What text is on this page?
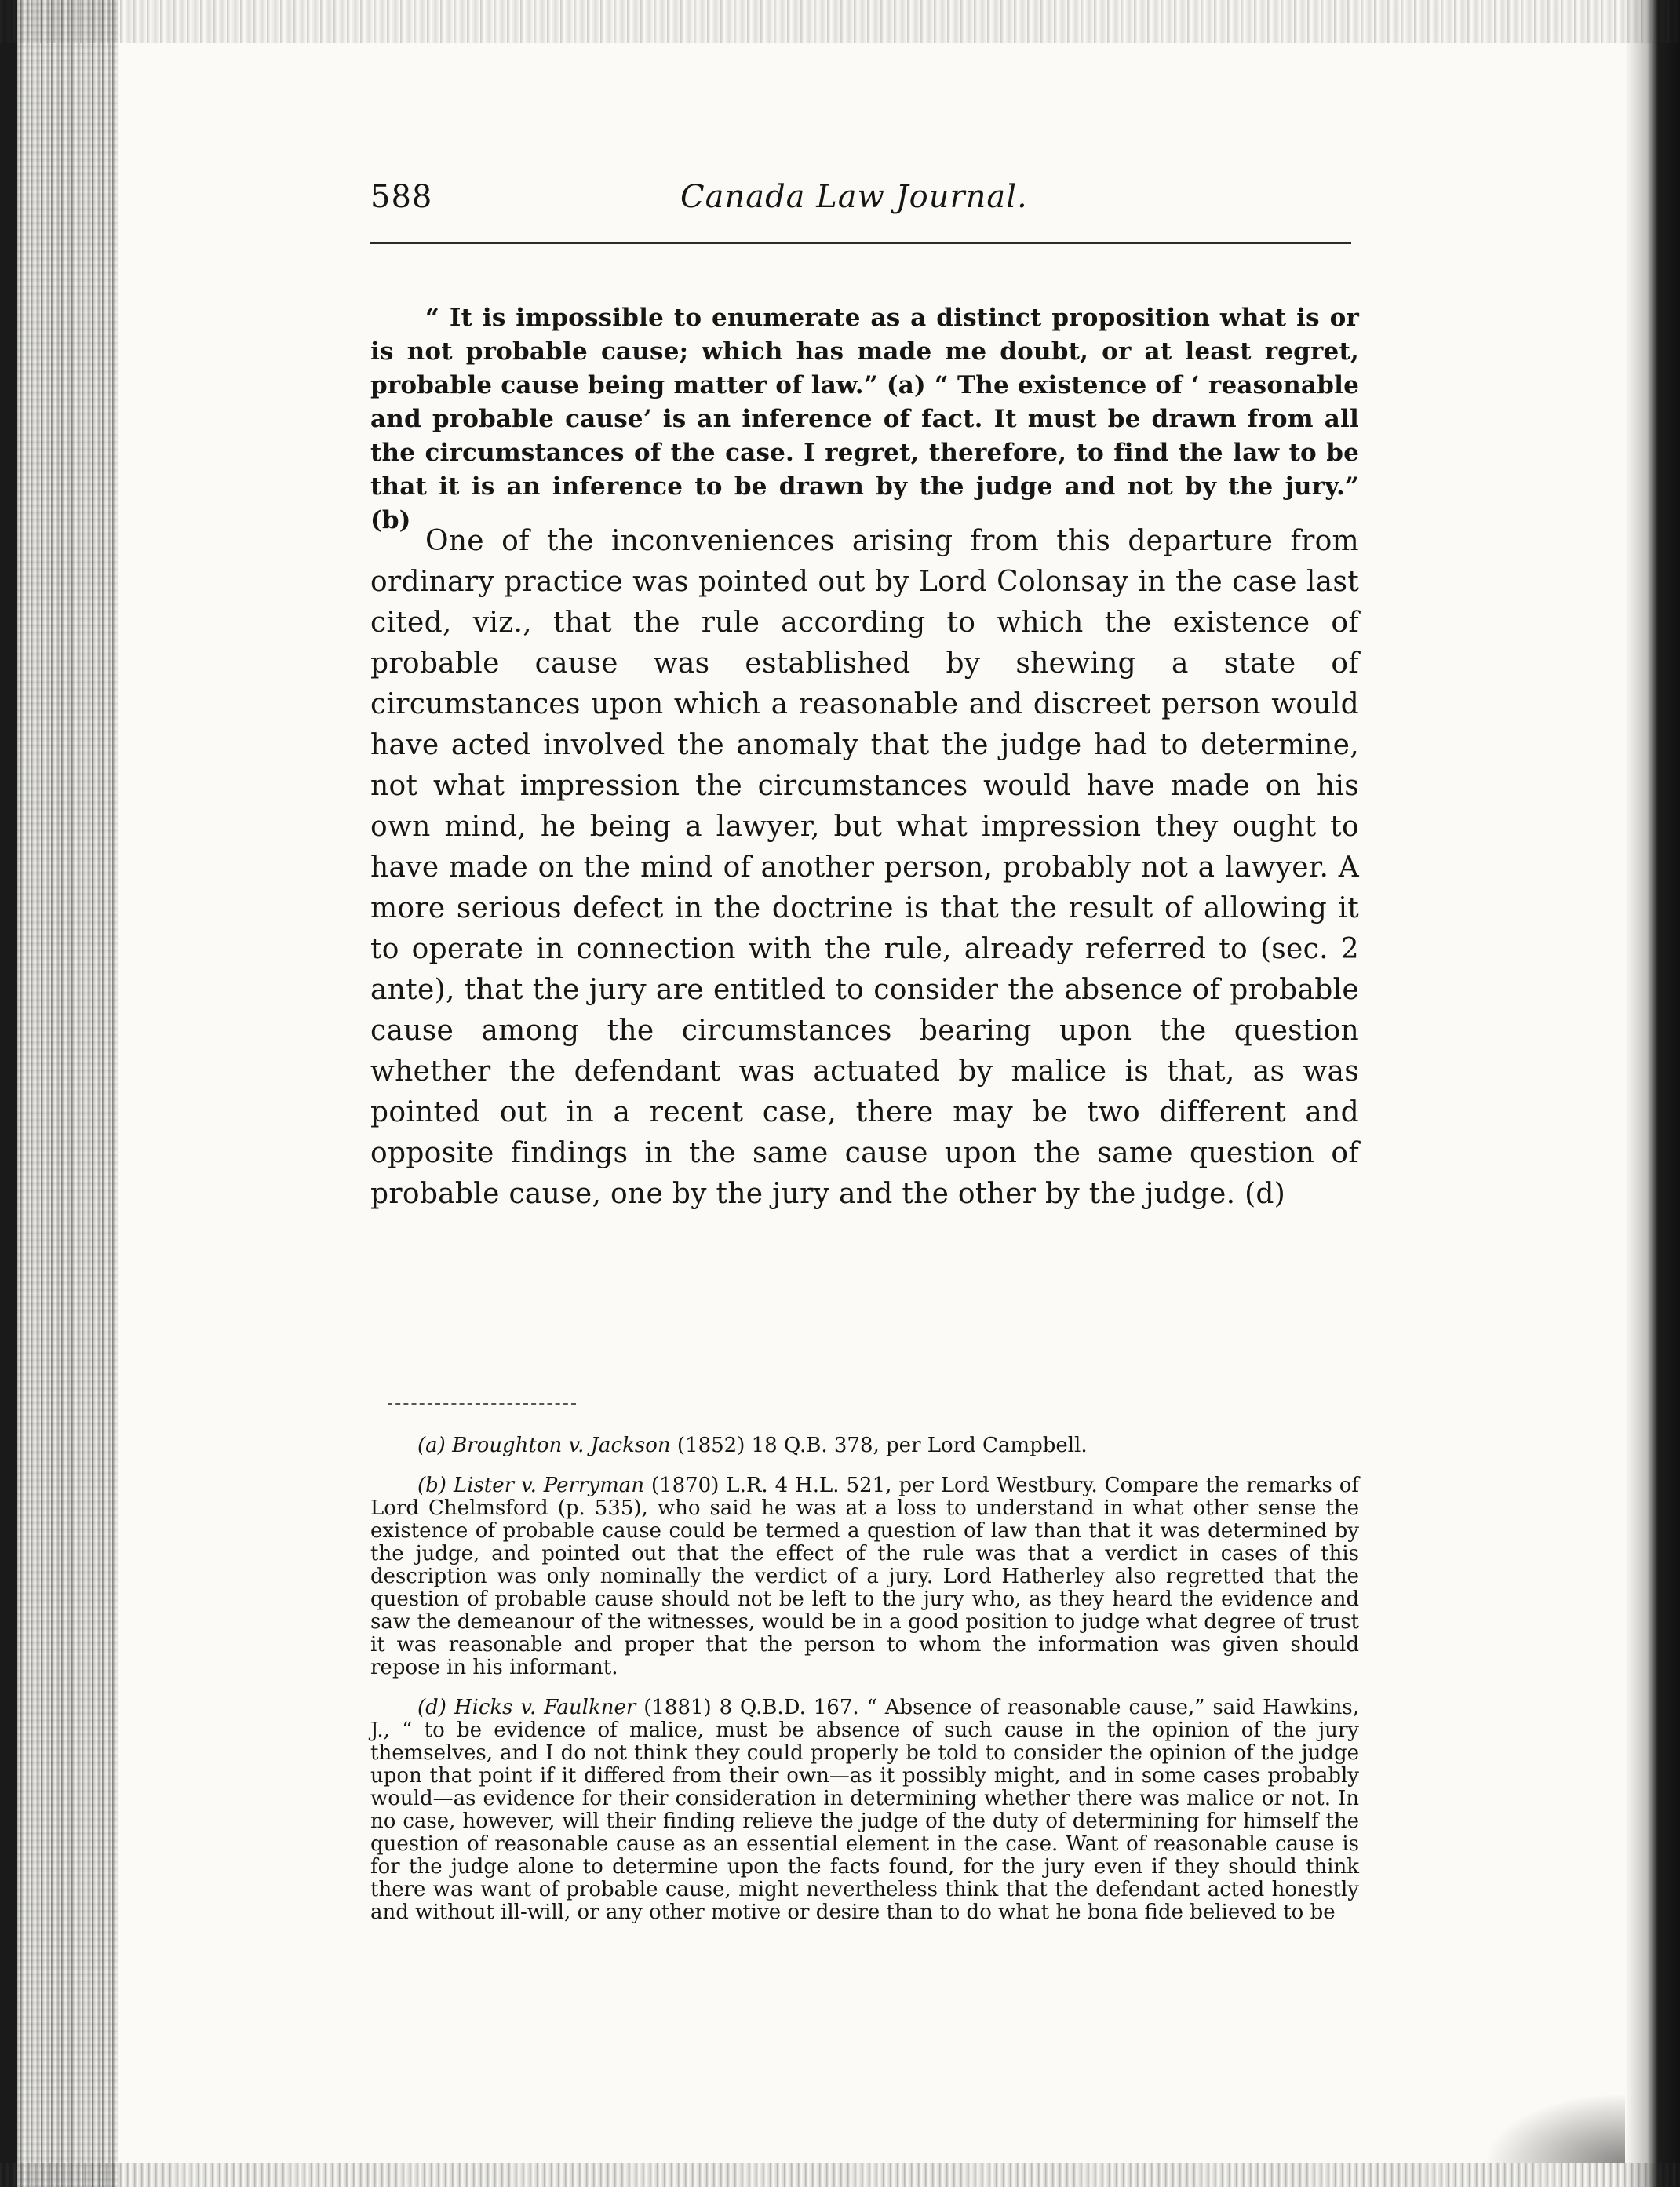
588	Canada Law Journal.

“ It is impossible to enumerate as a distinct proposition what is or is not probable cause; which has made me doubt, or at least regret, probable cause being matter of law.” (a) “ The existence of ‘ reasonable and probable cause’ is an inference of fact. It must be drawn from all the circumstances of the case. I regret, therefore, to find the law to be that it is an inference to be drawn by the judge and not by the jury.” (b)

One of the inconveniences arising from this departure from ordinary practice was pointed out by Lord Colonsay in the case last cited, viz., that the rule according to which the existence of probable cause was established by shewing a state of circumstances upon which a reasonable and discreet person would have acted involved the anomaly that the judge had to determine, not what impression the circumstances would have made on his own mind, he being a lawyer, but what impression they ought to have made on the mind of another person, probably not a lawyer. A more serious defect in the doctrine is that the result of allowing it to operate in connection with the rule, already referred to (sec. 2 ante), that the jury are entitled to consider the absence of probable cause among the circumstances bearing upon the question whether the defendant was actuated by malice is that, as was pointed out in a recent case, there may be two different and opposite findings in the same cause upon the same question of probable cause, one by the jury and the other by the judge. (d)

(a) Broughton v. Jackson (1852) 18 Q.B. 378, per Lord Campbell.

(b) Lister v. Perryman (1870) L.R. 4 H.L. 521, per Lord Westbury. Compare the remarks of Lord Chelmsford (p. 535), who said he was at a loss to understand in what other sense the existence of probable cause could be termed a question of law than that it was determined by the judge, and pointed out that the effect of the rule was that a verdict in cases of this description was only nominally the verdict of a jury. Lord Hatherley also regretted that the question of probable cause should not be left to the jury who, as they heard the evidence and saw the demeanour of the witnesses, would be in a good position to judge what degree of trust it was reasonable and proper that the person to whom the information was given should repose in his informant.

(d) Hicks v. Faulkner (1881) 8 Q.B.D. 167. “ Absence of reasonable cause,” said Hawkins, J., “ to be evidence of malice, must be absence of such cause in the opinion of the jury themselves, and I do not think they could properly be told to consider the opinion of the judge upon that point if it differed from their own—as it possibly might, and in some cases probably would—as evidence for their consideration in determining whether there was malice or not. In no case, however, will their finding relieve the judge of the duty of determining for himself the question of reasonable cause as an essential element in the case. Want of reasonable cause is for the judge alone to determine upon the facts found, for the jury even if they should think there was want of probable cause, might nevertheless think that the defendant acted honestly and without ill-will, or any other motive or desire than to do what he bona fide believed to be
